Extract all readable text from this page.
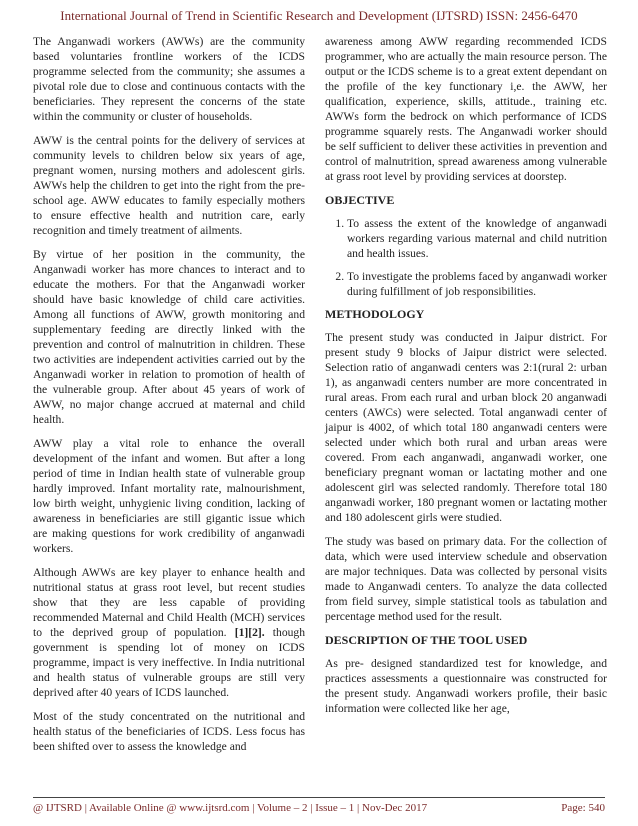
International Journal of Trend in Scientific Research and Development (IJTSRD) ISSN: 2456-6470

The Anganwadi workers (AWWs) are the community based voluntaries frontline workers of the ICDS programme selected from the community; she assumes a pivotal role due to close and continuous contacts with the beneficiaries. They represent the concerns of the state within the community or cluster of households.

AWW is the central points for the delivery of services at community levels to children below six years of age, pregnant women, nursing mothers and adolescent girls. AWWs help the children to get into the right from the pre-school age. AWW educates to family especially mothers to ensure effective health and nutrition care, early recognition and timely treatment of ailments.

By virtue of her position in the community, the Anganwadi worker has more chances to interact and to educate the mothers. For that the Anganwadi worker should have basic knowledge of child care activities. Among all functions of AWW, growth monitoring and supplementary feeding are directly linked with the prevention and control of malnutrition in children. These two activities are independent activities carried out by the Anganwadi worker in relation to promotion of health of the vulnerable group. After about 45 years of work of AWW, no major change accrued at maternal and child health.

AWW play a vital role to enhance the overall development of the infant and women. But after a long period of time in Indian health state of vulnerable group hardly improved. Infant mortality rate, malnourishment, low birth weight, unhygienic living condition, lacking of awareness in beneficiaries are still gigantic issue which are making questions for work credibility of anganwadi workers.

Although AWWs are key player to enhance health and nutritional status at grass root level, but recent studies show that they are less capable of providing recommended Maternal and Child Health (MCH) services to the deprived group of population. [1][2]. though government is spending lot of money on ICDS programme, impact is very ineffective. In India nutritional and health status of vulnerable groups are still very deprived after 40 years of ICDS launched.

Most of the study concentrated on the nutritional and health status of the beneficiaries of ICDS. Less focus has been shifted over to assess the knowledge and

awareness among AWW regarding recommended ICDS programmer, who are actually the main resource person. The output or the ICDS scheme is to a great extent dependant on the profile of the key functionary i,e. the AWW, her qualification, experience, skills, attitude., training etc. AWWs form the bedrock on which performance of ICDS programme squarely rests. The Anganwadi worker should be self sufficient to deliver these activities in prevention and control of malnutrition, spread awareness among vulnerable at grass root level by providing services at doorstep.

OBJECTIVE
1. To assess the extent of the knowledge of anganwadi workers regarding various maternal and child nutrition and health issues.
2. To investigate the problems faced by anganwadi worker during fulfillment of job responsibilities.
METHODOLOGY

The present study was conducted in Jaipur district. For present study 9 blocks of Jaipur district were selected. Selection ratio of anganwadi centers was 2:1(rural 2: urban 1), as anganwadi centers number are more concentrated in rural areas. From each rural and urban block 20 anganwadi centers (AWCs) were selected. Total anganwadi center of jaipur is 4002, of which total 180 anganwadi centers were selected under which both rural and urban areas were covered. From each anganwadi, anganwadi worker, one beneficiary pregnant woman or lactating mother and one adolescent girl was selected randomly. Therefore total 180 anganwadi worker, 180 pregnant women or lactating mother and 180 adolescent girls were studied.

The study was based on primary data. For the collection of data, which were used interview schedule and observation are major techniques. Data was collected by personal visits made to Anganwadi centers. To analyze the data collected from field survey, simple statistical tools as tabulation and percentage method used for the result.

DESCRIPTION OF THE TOOL USED

As pre- designed standardized test for knowledge, and practices assessments a questionnaire was constructed for the present study. Anganwadi workers profile, their basic information were collected like her age,

@ IJTSRD | Available Online @ www.ijtsrd.com | Volume – 2 | Issue – 1 | Nov-Dec 2017	Page: 540
